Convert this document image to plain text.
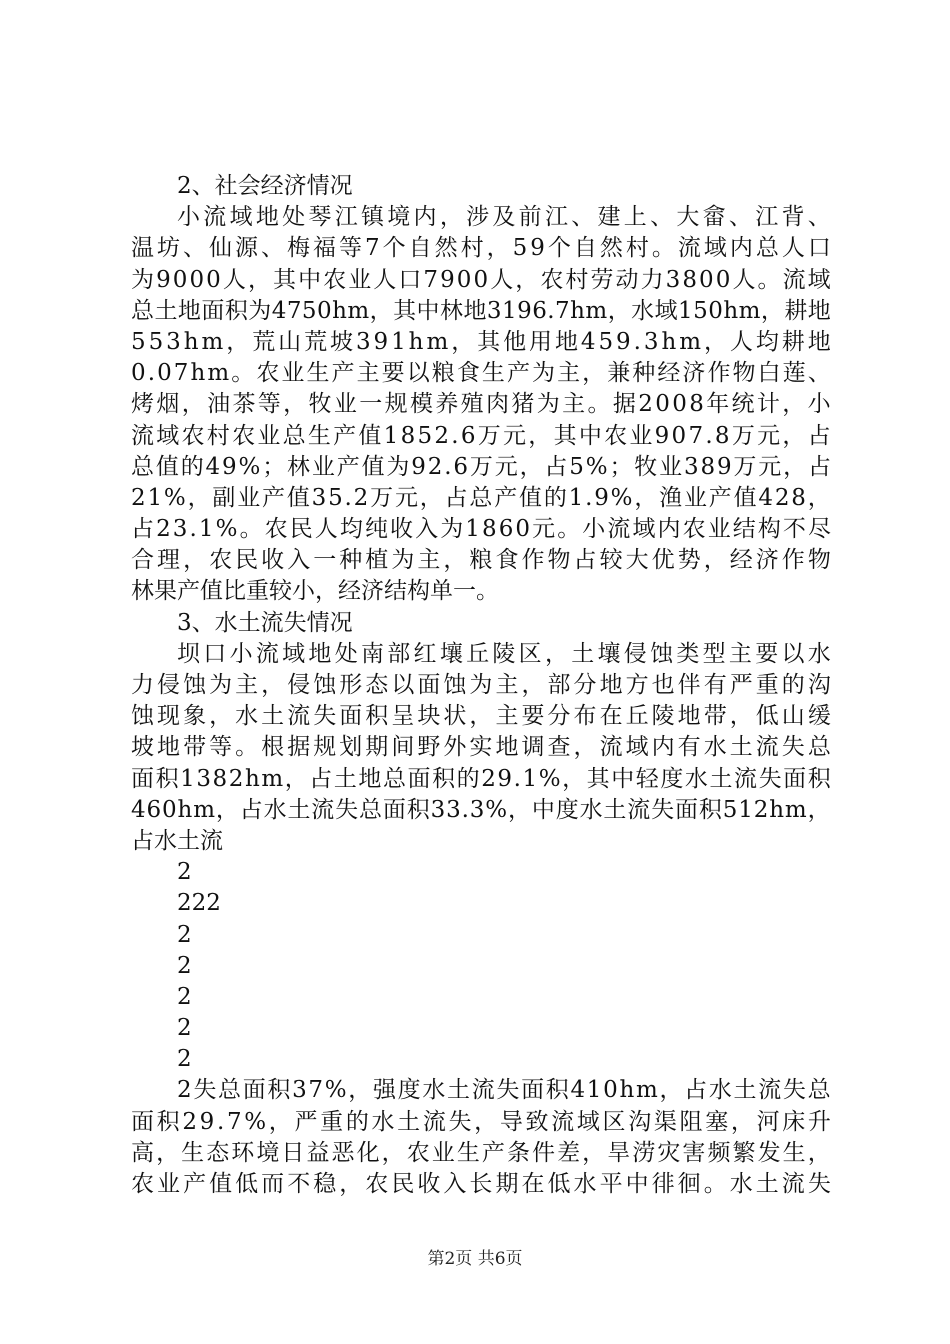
2、社会经济情况
小 流 域 地 处 琴 江 镇 境 内 ， 涉 及 前 江 、 建 上 、 大 畲 、 江 背 、
温 坊 、 仙 源 、 梅 福 等 7 个 自 然 村 ， 5 9 个 自 然 村 。 流 域 内 总 人 口
为 9 0 0 0 人 ， 其 中 农 业 人 口 7 9 0 0 人 ， 农 村 劳 动 力 3 8 0 0 人 。 流 域
总 土 地 面 积 为 4 7 5 0 h m ， 其 中 林 地 3 1 9 6 . 7 h m ， 水 域 1 5 0 h m ， 耕 地
5 5 3 h m ， 荒 山 荒 坡 3 9 1 h m ， 其 他 用 地 4 5 9 . 3 h m ， 人 均 耕 地
0 . 0 7 h m 。 农 业 生 产 主 要 以 粮 食 生 产 为 主 ， 兼 种 经 济 作 物 白 莲 、
烤 烟 ， 油 茶 等 ， 牧 业 一 规 模 养 殖 肉 猪 为 主 。 据 2 0 0 8 年 统 计 ， 小
流 域 农 村 农 业 总 生 产 值 1 8 5 2 . 6 万 元 ， 其 中 农 业 9 0 7 . 8 万 元 ， 占
总 值 的 4 9 % ； 林 业 产 值 为 9 2 . 6 万 元 ， 占 5 % ； 牧 业 3 8 9 万 元 ， 占
2 1 % ， 副 业 产 值 3 5 . 2 万 元 ， 占 总 产 值 的 1 . 9 % ， 渔 业 产 值 4 2 8 ，
占 2 3 . 1 % 。 农 民 人 均 纯 收 入 为 1 8 6 0 元 。 小 流 域 内 农 业 结 构 不 尽
合 理 ， 农 民 收 入 一 种 植 为 主 ， 粮 食 作 物 占 较 大 优 势 ， 经 济 作 物
林果产值比重较小，经济结构单一。
3、水土流失情况
坝 口 小 流 域 地 处 南 部 红 壤 丘 陵 区 ， 土 壤 侵 蚀 类 型 主 要 以 水
力 侵 蚀 为 主 ， 侵 蚀 形 态 以 面 蚀 为 主 ， 部 分 地 方 也 伴 有 严 重 的 沟
蚀 现 象 ， 水 土 流 失 面 积 呈 块 状 ， 主 要 分 布 在 丘 陵 地 带 ， 低 山 缓
坡 地 带 等 。 根 据 规 划 期 间 野 外 实 地 调 查 ， 流 域 内 有 水 土 流 失 总
面 积 1 3 8 2 h m ， 占 土 地 总 面 积 的 2 9 . 1 % ， 其 中 轻 度 水 土 流 失 面 积
4 6 0 h m ， 占 水 土 流 失 总 面 积 3 3 . 3 % ， 中 度 水 土 流 失 面 积 5 1 2 h m ，
占水土流
2
222
2
2
2
2
2
2 失 总 面 积 3 7 % ， 强 度 水 土 流 失 面 积 4 1 0 h m ， 占 水 土 流 失 总
面 积 2 9 . 7 % ， 严 重 的 水 土 流 失 ， 导 致 流 域 区 沟 渠 阻 塞 ， 河 床 升
高 ， 生 态 环 境 日 益 恶 化 ， 农 业 生 产 条 件 差 ， 旱 涝 灾 害 频 繁 发 生 ，
农 业 产 值 低 而 不 稳 ， 农 民 收 入 长 期 在 低 水 平 中 徘 徊 。 水 土 流 失
第2页 共6页
